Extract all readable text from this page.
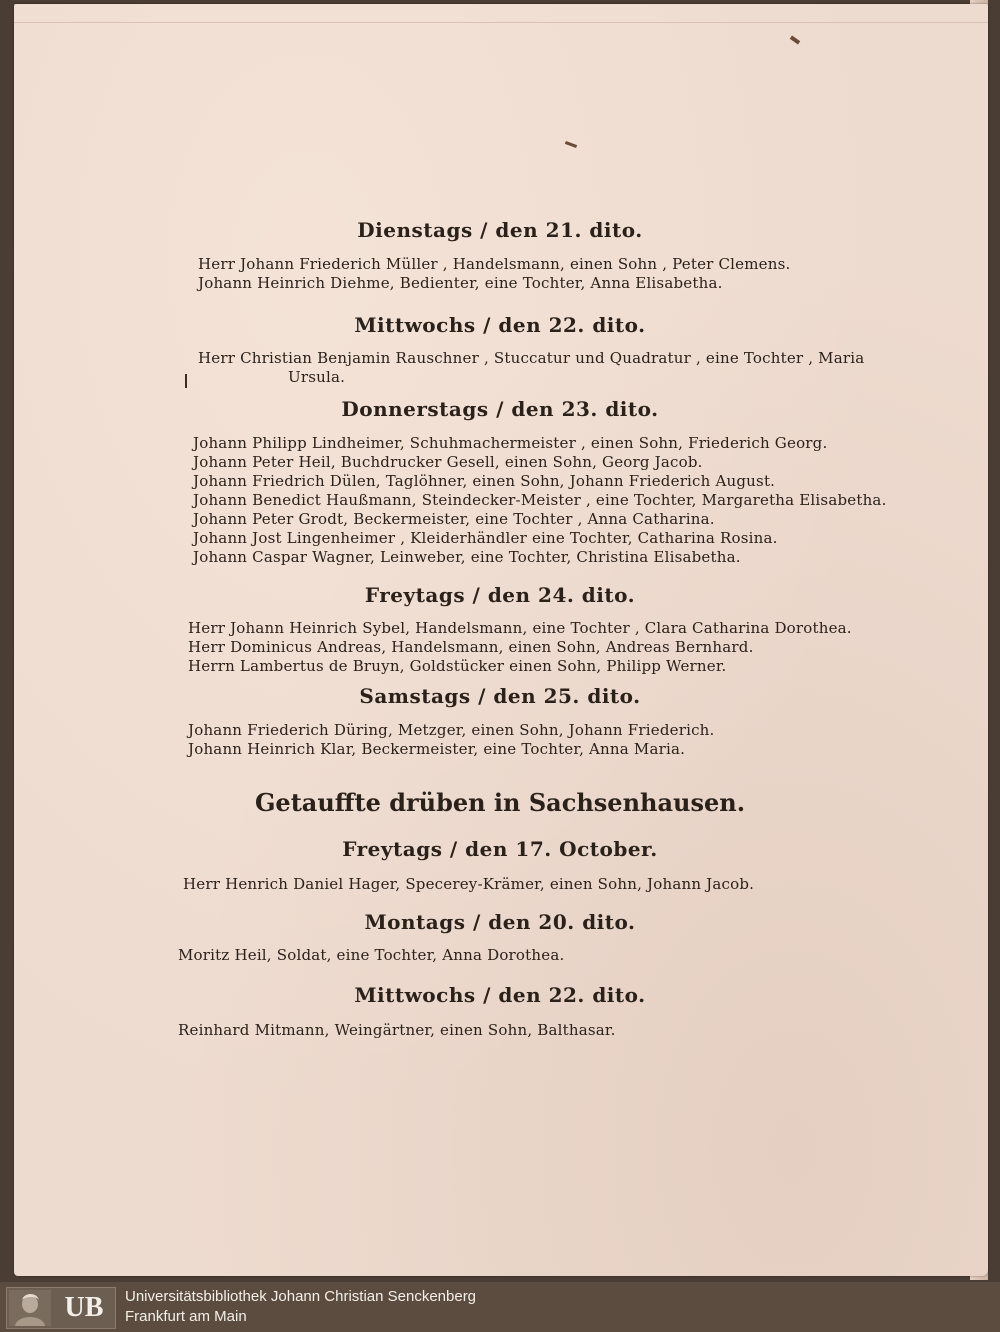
Dienstags / den 21. dito.
Herr Johann Friederich Müller , Handelsmann, einen Sohn , Peter Clemens.
Johann Heinrich Diehme, Bedienter, eine Tochter, Anna Elisabetha.
Mittwochs / den 22. dito.
Herr Christian Benjamin Rauschner , Stuccatur und Quadratur , eine Tochter , Maria
Ursula.
Donnerstags / den 23. dito.
Johann Philipp Lindheimer, Schuhmachermeister , einen Sohn, Friederich Georg.
Johann Peter Heil, Buchdrucker Gesell, einen Sohn, Georg Jacob.
Johann Friedrich Dülen, Taglöhner, einen Sohn, Johann Friederich August.
Johann Benedict Haußmann, Steindecker-Meister , eine Tochter, Margaretha Elisabetha.
Johann Peter Grodt, Beckermeister, eine Tochter , Anna Catharina.
Johann Jost Lingenheimer , Kleiderhändler eine Tochter, Catharina Rosina.
Johann Caspar Wagner, Leinweber, eine Tochter, Christina Elisabetha.
Freytags / den 24. dito.
Herr Johann Heinrich Sybel, Handelsmann, eine Tochter , Clara Catharina Dorothea.
Herr Dominicus Andreas, Handelsmann, einen Sohn, Andreas Bernhard.
Herrn Lambertus de Bruyn, Goldstücker einen Sohn, Philipp Werner.
Samstags / den 25. dito.
Johann Friederich Düring, Metzger, einen Sohn, Johann Friederich.
Johann Heinrich Klar, Beckermeister, eine Tochter, Anna Maria.
Getauffte drüben in Sachsenhausen.
Freytags / den 17. October.
Herr Henrich Daniel Hager, Specerey-Krämer, einen Sohn, Johann Jacob.
Montags / den 20. dito.
Moritz Heil, Soldat, eine Tochter, Anna Dorothea.
Mittwochs / den 22. dito.
Reinhard Mitmann, Weingärtner, einen Sohn, Balthasar.
UB	Universitätsbibliothek Johann Christian Senckenberg
Frankfurt am Main
